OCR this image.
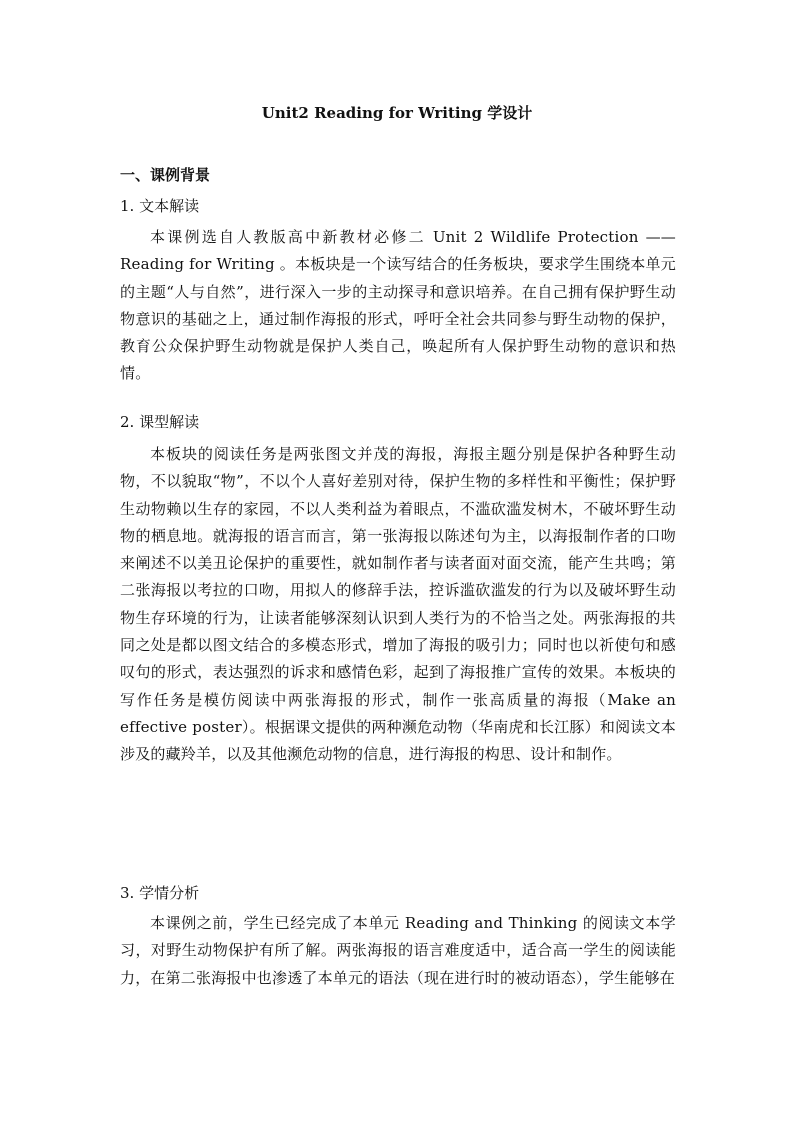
Unit2 Reading for Writing 学设计
一、课例背景
1. 文本解读

本课例选自人教版高中新教材必修二 Unit 2 Wildlife Protection ——Reading for Writing 。本板块是一个读写结合的任务板块，要求学生围绕本单元的主题“人与自然”，进行深入一步的主动探寻和意识培养。在自己拥有保护野生动物意识的基础之上，通过制作海报的形式，呼吁全社会共同参与野生动物的保护，教育公众保护野生动物就是保护人类自己，唤起所有人保护野生动物的意识和热情。

2. 课型解读

本板块的阅读任务是两张图文并茂的海报，海报主题分别是保护各种野生动物，不以貌取“物”，不以个人喜好差别对待，保护生物的多样性和平衡性；保护野生动物赖以生存的家园，不以人类利益为着眼点，不滥砍滥发树木，不破坏野生动物的栖息地。就海报的语言而言，第一张海报以陈述句为主，以海报制作者的口吻来阐述不以美丑论保护的重要性，就如制作者与读者面对面交流，能产生共鸣；第二张海报以考拉的口吻，用拟人的修辞手法，控诉滥砍滥发的行为以及破坏野生动物生存环境的行为，让读者能够深刻认识到人类行为的不恰当之处。两张海报的共同之处是都以图文结合的多模态形式，增加了海报的吸引力；同时也以祈使句和感叹句的形式，表达强烈的诉求和感情色彩，起到了海报推广宣传的效果。本板块的写作任务是模仿阅读中两张海报的形式，制作一张高质量的海报（Make an effective poster）。根据课文提供的两种濒危动物（华南虎和长江豚）和阅读文本涉及的藏羚羊，以及其他濒危动物的信息，进行海报的构思、设计和制作。

3. 学情分析

本课例之前，学生已经完成了本单元 Reading and Thinking 的阅读文本学习，对野生动物保护有所了解。两张海报的语言难度适中，适合高一学生的阅读能力，在第二张海报中也渗透了本单元的语法（现在进行时的被动语态），学生能够在
